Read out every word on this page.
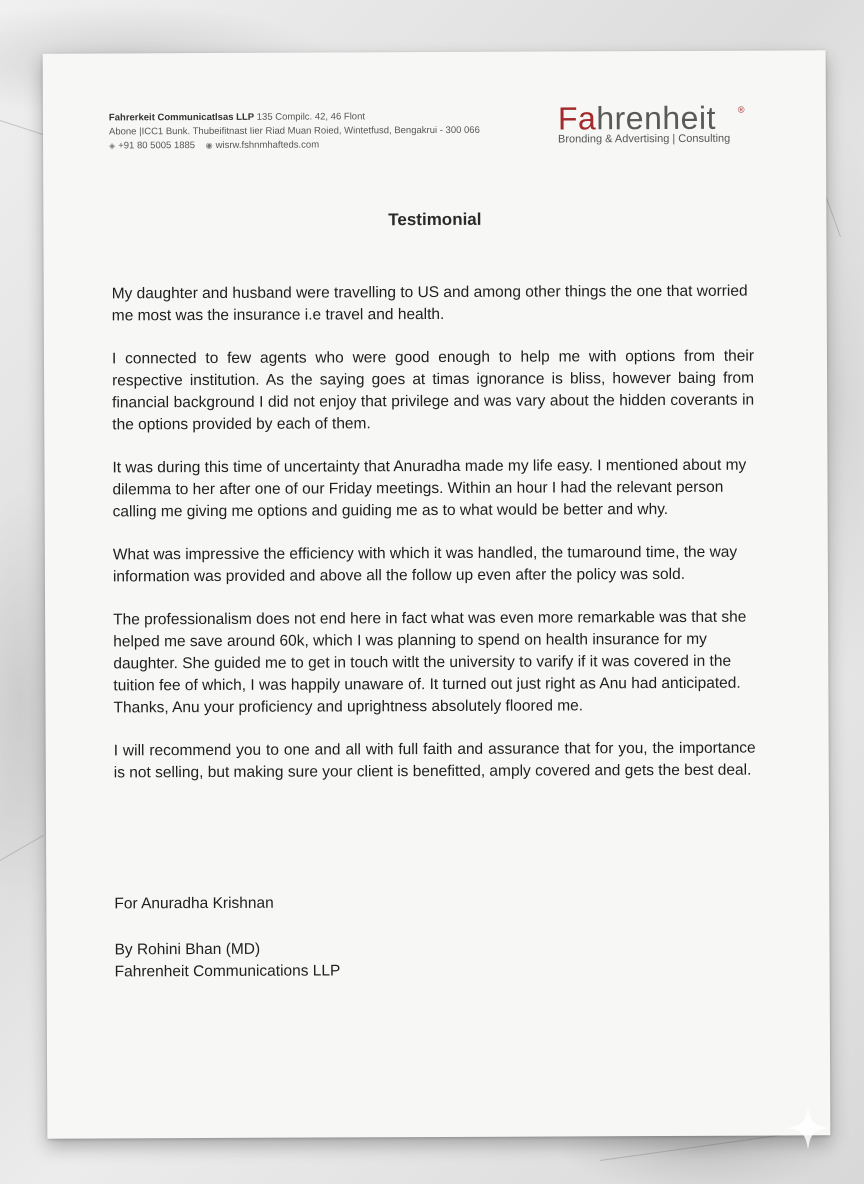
Fahrerkeit Communicatlsas LLP 135 Compilc. 42, 46 Flont
Abone |ICC1 Bunk. Thubeifitnast Iier Riad Muan Roied, Wintetfusd, Bengakrui - 300 066
◈ +91 80 5005 1885 ◉ wisrw.fshnmhafteds.com
Fahrenheit	®
Bronding & Advertising | Consulting
Testimonial

My daughter and husband were travelling to US and among other things the one that worried me most was the insurance i.e travel and health.

I connected to few agents who were good enough to help me with options from their respective institution. As the saying goes at timas ignorance is bliss, however baing from financial background I did not enjoy that privilege and was vary about the hidden coverants in the options provided by each of them.

It was during this time of uncertainty that Anuradha made my life easy. I mentioned about my dilemma to her after one of our Friday meetings. Within an hour I had the relevant person calling me giving me options and guiding me as to what would be better and why.

What was impressive the efficiency with which it was handled, the tumaround time, the way information was provided and above all the follow up even after the policy was sold.

The professionalism does not end here in fact what was even more remarkable was that she helped me save around 60k, which I was planning to spend on health insurance for my daughter. She guided me to get in touch witlt the university to varify if it was covered in the tuition fee of which, I was happily unaware of. It turned out just right as Anu had anticipated. Thanks, Anu your proficiency and uprightness absolutely floored me.

I will recommend you to one and all with full faith and assurance that for you, the importance is not selling, but making sure your client is benefitted, amply covered and gets the best deal.

For Anuradha Krishnan
By Rohini Bhan (MD)
Fahrenheit Communications LLP
